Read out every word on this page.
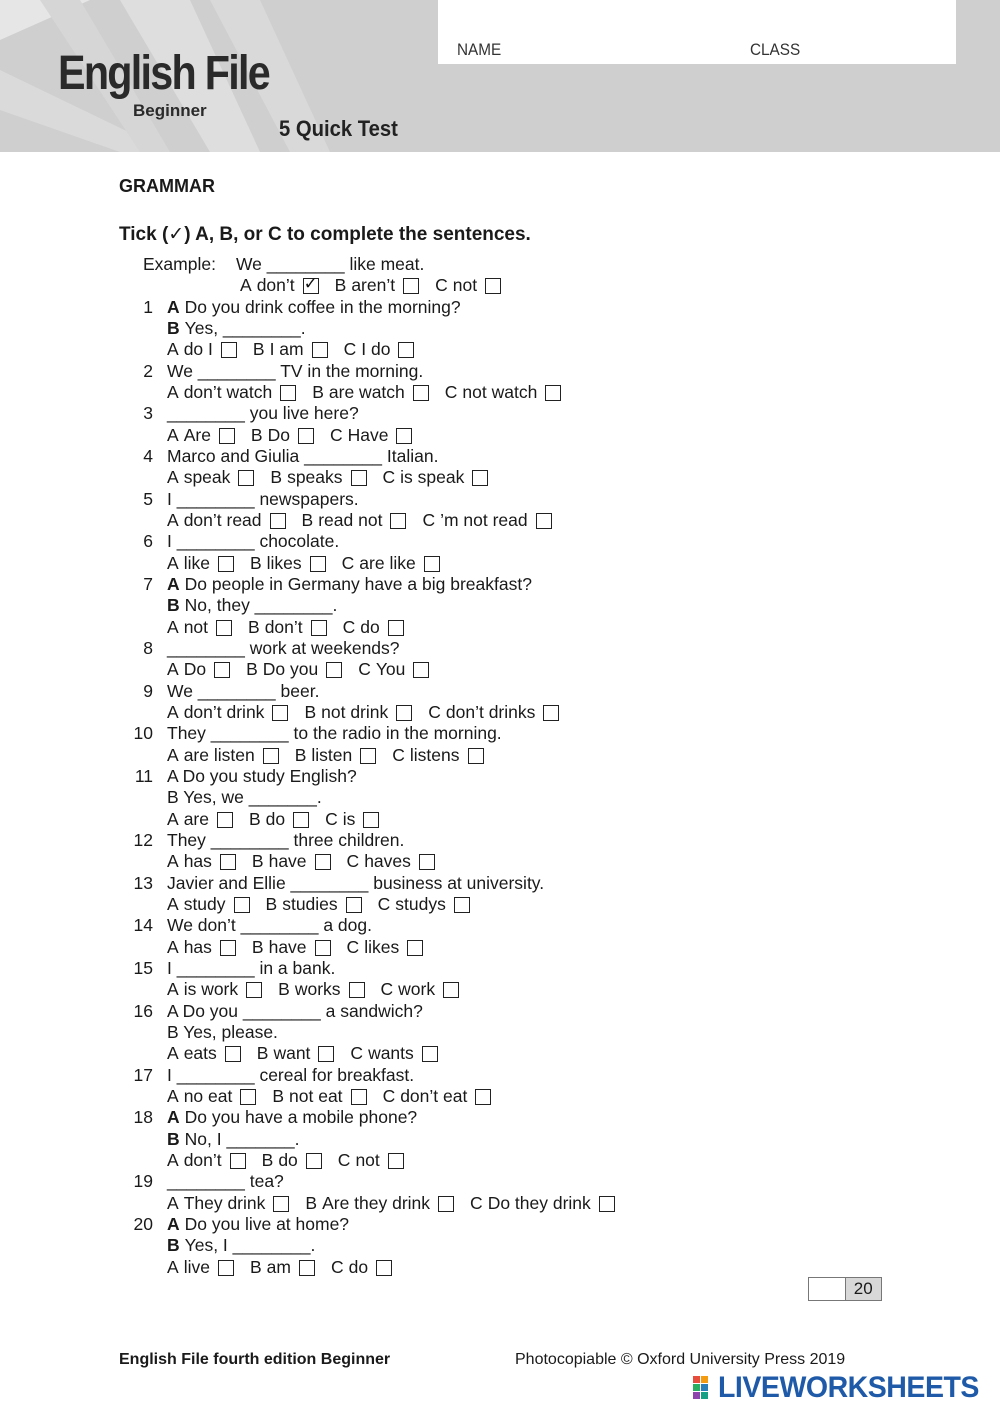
NAME	CLASS
English File
Beginner
5 Quick Test
GRAMMAR
Tick (✓) A, B, or C to complete the sentences.
Example: We ________ like meat.
A don’t ✓ B aren’t C not
1 A Do you drink coffee in the morning?
B Yes, ________.
A do I B I am C I do
2 We ________ TV in the morning.
A don’t watch B are watch C not watch
3 ________ you live here?
A Are B Do C Have
4 Marco and Giulia ________ Italian.
A speak B speaks C is speak
5 I ________ newspapers.
A don’t read B read not C ’m not read
6 I ________ chocolate.
A like B likes C are like
7 A Do people in Germany have a big breakfast?
B No, they ________.
A not B don’t C do
8 ________ work at weekends?
A Do B Do you C You
9 We ________ beer.
A don’t drink B not drink C don’t drinks
10 They ________ to the radio in the morning.
A are listen B listen C listens
11 A Do you study English?
B Yes, we _______.
A are B do C is
12 They ________ three children.
A has B have C haves
13 Javier and Ellie ________ business at university.
A study B studies C studys
14 We don’t ________ a dog.
A has B have C likes
15 I ________ in a bank.
A is work B works C work
16 A Do you ________ a sandwich?
B Yes, please.
A eats B want C wants
17 I ________ cereal for breakfast.
A no eat B not eat C don’t eat
18 A Do you have a mobile phone?
B No, I _______.
A don’t B do C not
19 ________ tea?
A They drink B Are they drink C Do they drink
20 A Do you live at home?
B Yes, I ________.
A live B am C do
20
English File fourth edition Beginner	Photocopiable © Oxford University Press 2019
LIVEWORKSHEETS
